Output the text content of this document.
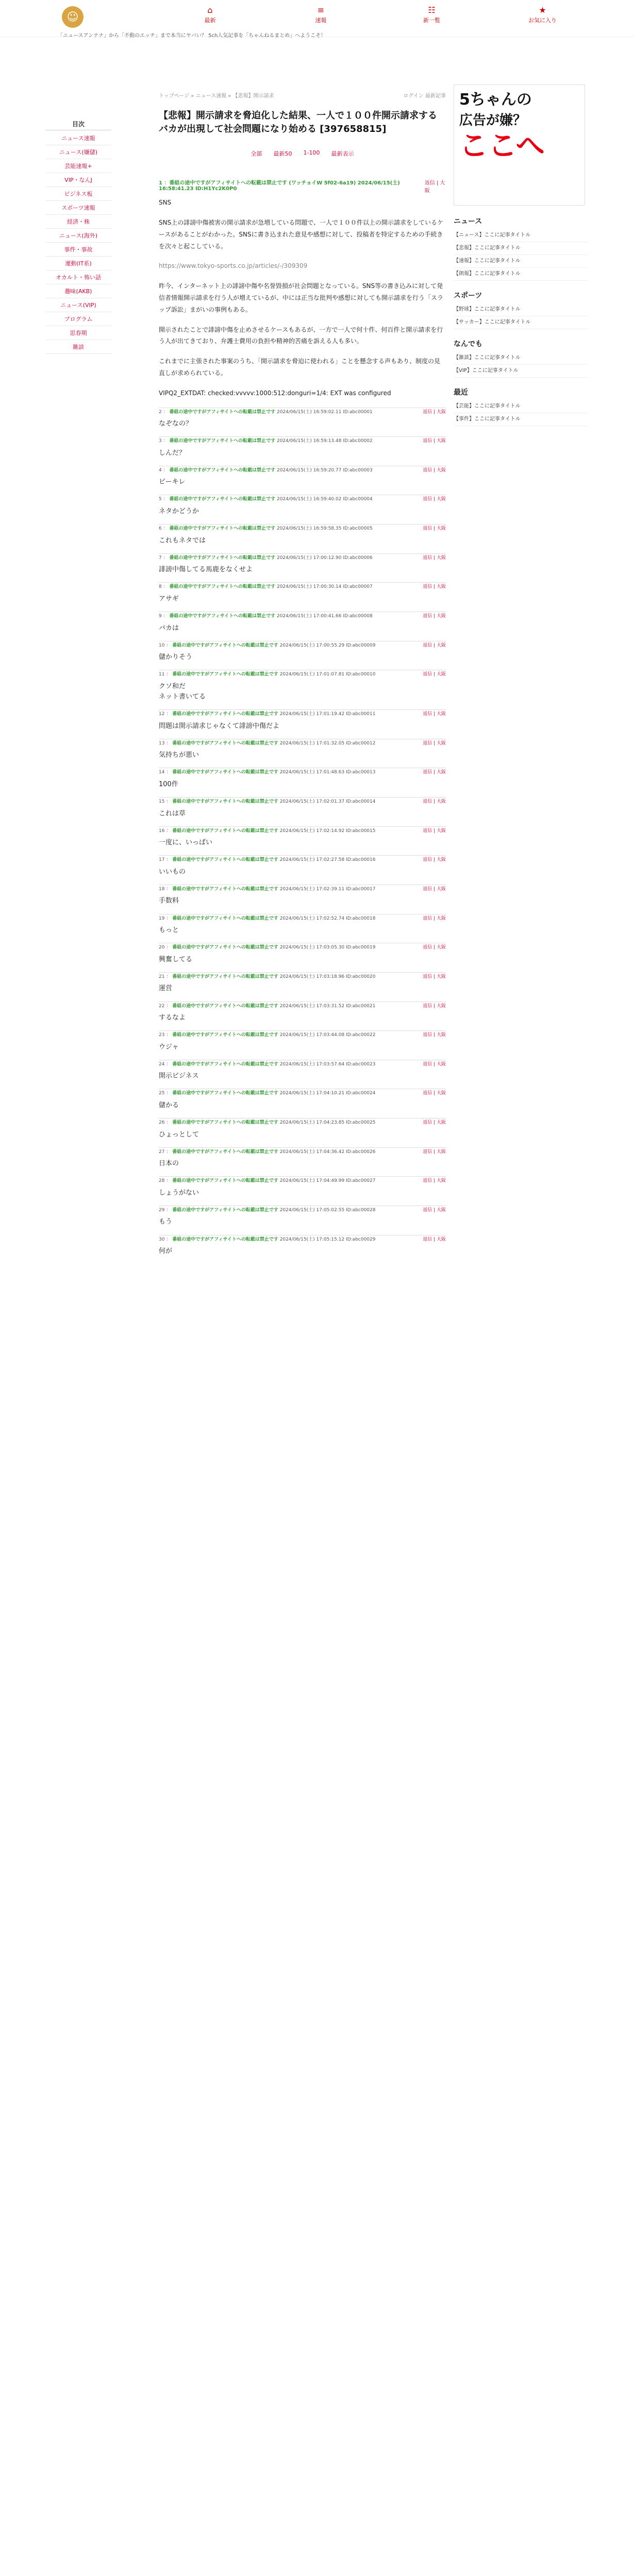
☺
⌂
最新
≡
速報
☷
新一覧
★
お気に入り
「ニュースアンテナ」から「不動のエッチ」まで本当にヤバい？ 5ch人気記事を「ちゃんねるまとめ」へようこそ！
目次
ニュース速報
ニュース(嫌儲)
芸能速報+
VIP・なんJ
ビジネス板
スポーツ速報
経済・株
ニュース(海外)
事件・事故
運動(IT系)
オカルト・怖い話
趣味(AKB)
ニュース(VIP)
プログラム
思春期
雑談
トップページ » ニュース速報 » 【悲報】開示請求	ログイン 最新記事
【悲報】開示請求を脅迫化した結果、一人で１００件開示請求するバカが出現して社会問題になり始める [397658815]
全部 最新50 1-100 最新表示
1 ：番組の途中ですがアフィサイトへの転載は禁止です (ワッチョイW 5f02-6a19) 2024/06/15(土) 16:58:41.23 ID:H1Yc2K0P0
返信 | 大阪

SNS

SNS上の誹謗中傷被害の開示請求が急増している問題で、一人で１００件以上の開示請求をしているケースがあることがわかった。SNSに書き込まれた意見や感想に対して、投稿者を特定するための手続きを次々と起こしている。

https://www.tokyo-sports.co.jp/articles/-/309309

昨今、インターネット上の誹謗中傷や名誉毀損が社会問題となっている。SNS等の書き込みに対して発信者情報開示請求を行う人が増えているが、中には正当な批判や感想に対しても開示請求を行う「スラップ訴訟」まがいの事例もある。

開示されたことで誹謗中傷を止めさせるケースもあるが、一方で一人で何十件、何百件と開示請求を行う人が出てきており、弁護士費用の負担や精神的苦痛を訴える人も多い。

これまでに主張された事案のうち、「開示請求を脅迫に使われる」ことを懸念する声もあり、制度の見直しが求められている。

VIPQ2_EXTDAT: checked:vvvvv:1000:512:donguri=1/4: EXT was configured

2 ： 番組の途中ですがアフィサイトへの転載は禁止です 2024/06/15(土) 16:59:02.11 ID:abc00001	返信 | 大阪
なぞなの？
3 ： 番組の途中ですがアフィサイトへの転載は禁止です 2024/06/15(土) 16:59:13.48 ID:abc00002	返信 | 大阪
しんだ？
4 ： 番組の途中ですがアフィサイトへの転載は禁止です 2024/06/15(土) 16:59:20.77 ID:abc00003	返信 | 大阪
ビーキレ
5 ： 番組の途中ですがアフィサイトへの転載は禁止です 2024/06/15(土) 16:59:40.02 ID:abc00004	返信 | 大阪
ネタかどうか
6 ： 番組の途中ですがアフィサイトへの転載は禁止です 2024/06/15(土) 16:59:58.35 ID:abc00005	返信 | 大阪
これもネタでは
7 ： 番組の途中ですがアフィサイトへの転載は禁止です 2024/06/15(土) 17:00:12.90 ID:abc00006	返信 | 大阪
誹謗中傷してる馬鹿をなくせよ
8 ： 番組の途中ですがアフィサイトへの転載は禁止です 2024/06/15(土) 17:00:30.14 ID:abc00007	返信 | 大阪
アサギ
9 ： 番組の途中ですがアフィサイトへの転載は禁止です 2024/06/15(土) 17:00:41.66 ID:abc00008	返信 | 大阪
バカは
10 ： 番組の途中ですがアフィサイトへの転載は禁止です 2024/06/15(土) 17:00:55.29 ID:abc00009	返信 | 大阪
儲かりそう
11 ： 番組の途中ですがアフィサイトへの転載は禁止です 2024/06/15(土) 17:01:07.81 ID:abc00010	返信 | 大阪
クソ和だ
ネット書いてる
12 ： 番組の途中ですがアフィサイトへの転載は禁止です 2024/06/15(土) 17:01:19.42 ID:abc00011	返信 | 大阪
問題は開示請求じゃなくて誹謗中傷だよ
13 ： 番組の途中ですがアフィサイトへの転載は禁止です 2024/06/15(土) 17:01:32.05 ID:abc00012	返信 | 大阪
気持ちが悪い
14 ： 番組の途中ですがアフィサイトへの転載は禁止です 2024/06/15(土) 17:01:48.63 ID:abc00013	返信 | 大阪
100件
15 ： 番組の途中ですがアフィサイトへの転載は禁止です 2024/06/15(土) 17:02:01.37 ID:abc00014	返信 | 大阪
これは草
16 ： 番組の途中ですがアフィサイトへの転載は禁止です 2024/06/15(土) 17:02:14.92 ID:abc00015	返信 | 大阪
一度に、いっぱい
17 ： 番組の途中ですがアフィサイトへの転載は禁止です 2024/06/15(土) 17:02:27.58 ID:abc00016	返信 | 大阪
いいもの
18 ： 番組の途中ですがアフィサイトへの転載は禁止です 2024/06/15(土) 17:02:39.11 ID:abc00017	返信 | 大阪
手数料
19 ： 番組の途中ですがアフィサイトへの転載は禁止です 2024/06/15(土) 17:02:52.74 ID:abc00018	返信 | 大阪
もっと
20 ： 番組の途中ですがアフィサイトへの転載は禁止です 2024/06/15(土) 17:03:05.30 ID:abc00019	返信 | 大阪
興奮してる
21 ： 番組の途中ですがアフィサイトへの転載は禁止です 2024/06/15(土) 17:03:18.96 ID:abc00020	返信 | 大阪
運営
22 ： 番組の途中ですがアフィサイトへの転載は禁止です 2024/06/15(土) 17:03:31.52 ID:abc00021	返信 | 大阪
するなよ
23 ： 番組の途中ですがアフィサイトへの転載は禁止です 2024/06/15(土) 17:03:44.08 ID:abc00022	返信 | 大阪
ウジャ
24 ： 番組の途中ですがアフィサイトへの転載は禁止です 2024/06/15(土) 17:03:57.64 ID:abc00023	返信 | 大阪
開示ビジネス
25 ： 番組の途中ですがアフィサイトへの転載は禁止です 2024/06/15(土) 17:04:10.21 ID:abc00024	返信 | 大阪
儲かる
26 ： 番組の途中ですがアフィサイトへの転載は禁止です 2024/06/15(土) 17:04:23.85 ID:abc00025	返信 | 大阪
ひょっとして
27 ： 番組の途中ですがアフィサイトへの転載は禁止です 2024/06/15(土) 17:04:36.42 ID:abc00026	返信 | 大阪
日本の
28 ： 番組の途中ですがアフィサイトへの転載は禁止です 2024/06/15(土) 17:04:49.99 ID:abc00027	返信 | 大阪
しょうがない
29 ： 番組の途中ですがアフィサイトへの転載は禁止です 2024/06/15(土) 17:05:02.55 ID:abc00028	返信 | 大阪
もう
30 ： 番組の途中ですがアフィサイトへの転載は禁止です 2024/06/15(土) 17:05:15.12 ID:abc00029	返信 | 大阪
何が
5ちゃんの
広告が嫌？
ここへ
ニュース
【ニュース】ここに記事タイトル
【悲報】ここに記事タイトル
【速報】ここに記事タイトル
【朗報】ここに記事タイトル
スポーツ
【野球】ここに記事タイトル
【サッカー】ここに記事タイトル
なんでも
【雑談】ここに記事タイトル
【VIP】ここに記事タイトル
最近
【芸能】ここに記事タイトル
【事件】ここに記事タイトル
